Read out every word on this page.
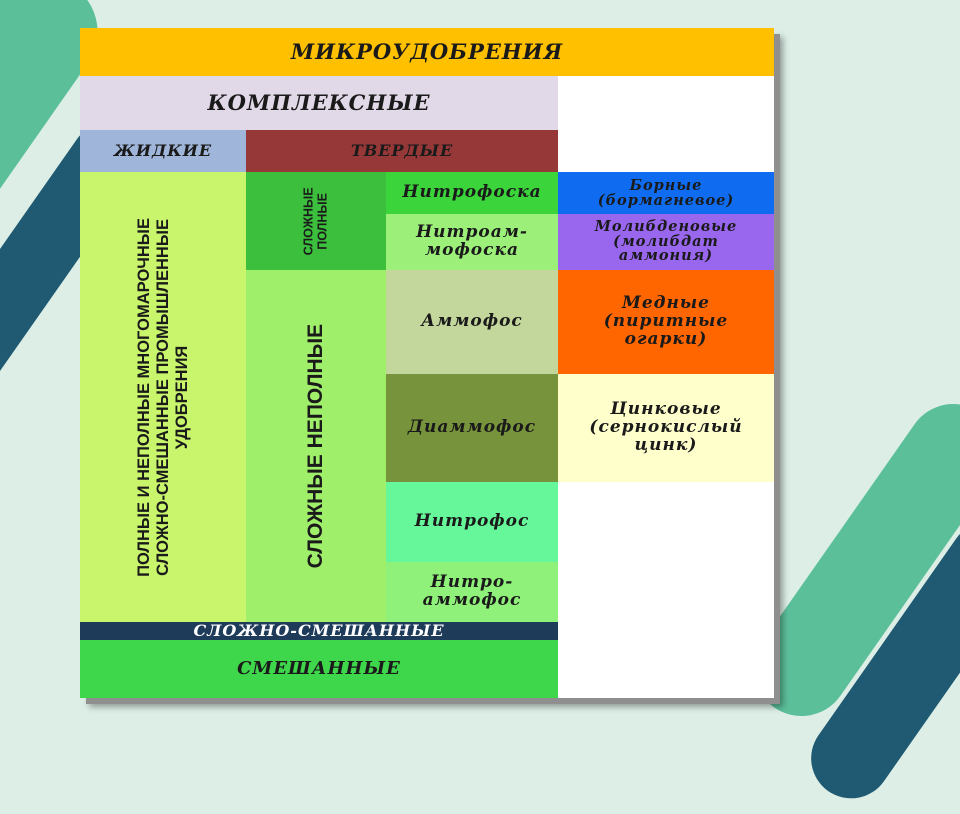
МИКРОУДОБРЕНИЯ
КОМПЛЕКСНЫЕ
ЖИДКИЕ	ТВЕРДЫЕ
ПОЛНЫЕ И НЕПОЛНЫЕ МНОГОМАРОЧНЫЕ СЛОЖНО-СМЕШАННЫЕ ПРОМЫШЛЕННЫЕ УДОБРЕНИЯ
СЛОЖНЫЕ ПОЛНЫЕ
СЛОЖНЫЕ НЕПОЛНЫЕ
Нитрофоска
Нитроам-
мофоска
Аммофос
Диаммофос
Нитрофос
Нитро-
аммофос
Борные
(бормагневое)
Молибденовые
(молибдат
аммония)
Медные
(пиритные
огарки)
Цинковые
(сернокислый
цинк)
СЛОЖНО-СМЕШАННЫЕ
СМЕШАННЫЕ
